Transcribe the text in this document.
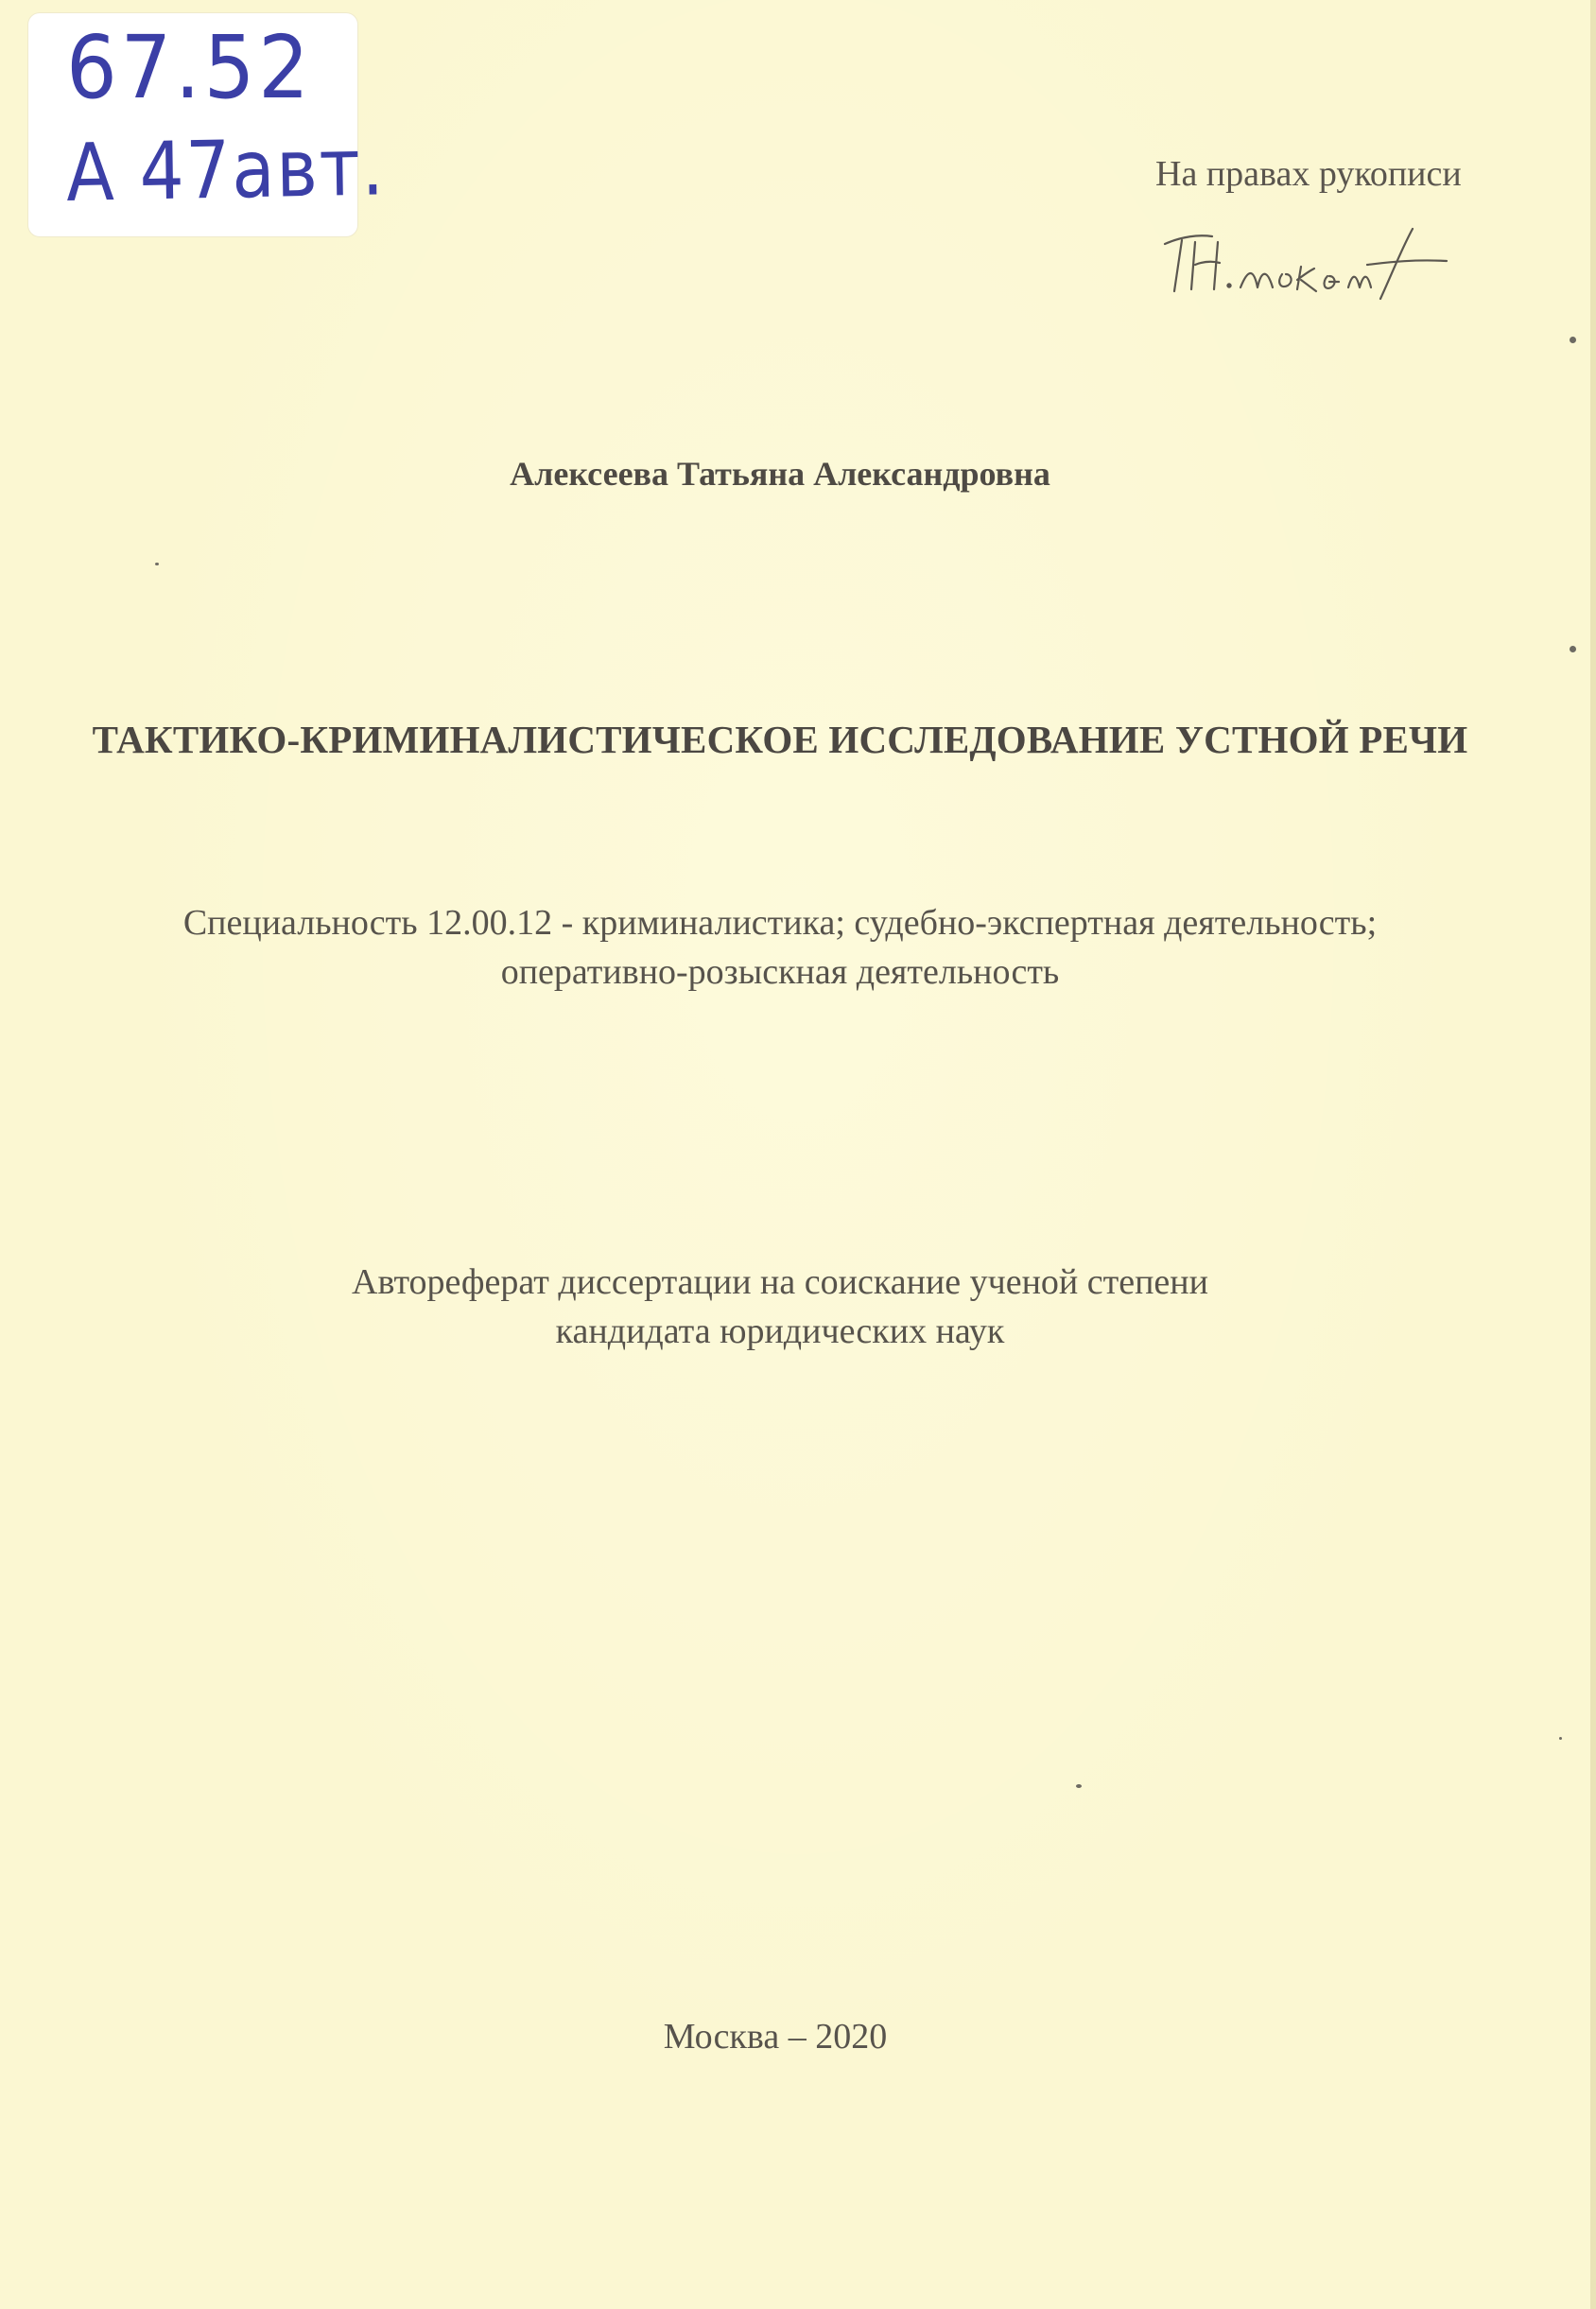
67.52
А 47авт.	На правах рукописи
Алексеева Татьяна Александровна
ТАКТИКО-КРИМИНАЛИСТИЧЕСКОЕ ИССЛЕДОВАНИЕ УСТНОЙ РЕЧИ
Специальность 12.00.12 - криминалистика; судебно-экспертная деятельность;
оперативно-розыскная деятельность
Автореферат диссертации на соискание ученой степени
кандидата юридических наук
Москва – 2020
